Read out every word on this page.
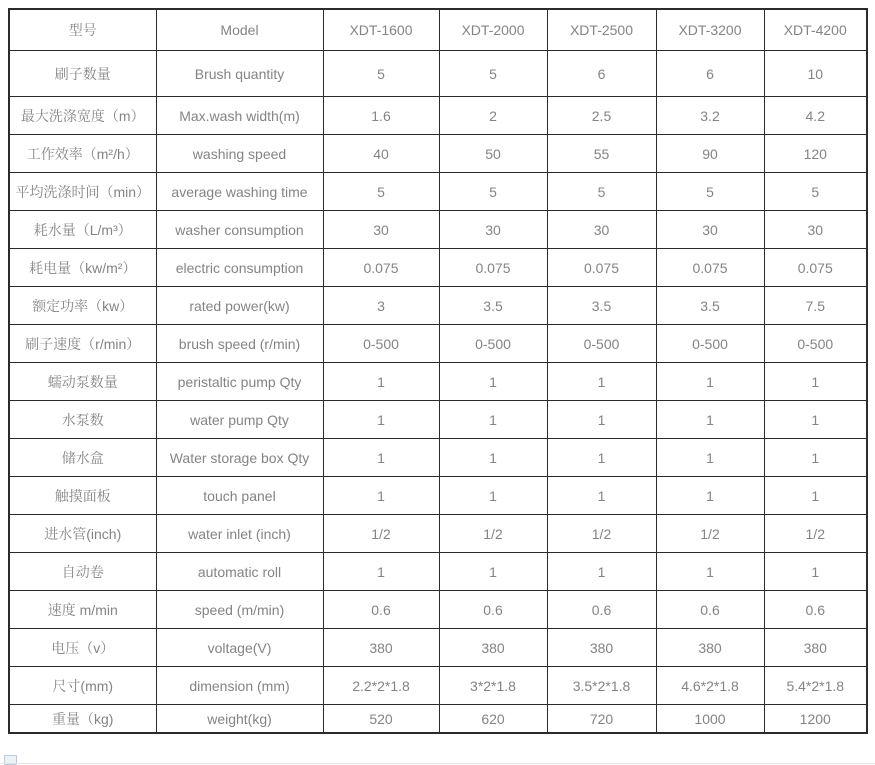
型号	Model	XDT-1600	XDT-2000	XDT-2500	XDT-3200	XDT-4200
刷子数量	Brush quantity	5	5	6	6	10
最大洗涤宽度（m）	Max.wash width(m)	1.6	2	2.5	3.2	4.2
工作效率（m²/h）	washing speed	40	50	55	90	120
平均洗涤时间（min）	average washing time	5	5	5	5	5
耗水量（L/m³）	washer consumption	30	30	30	30	30
耗电量（kw/m²）	electric consumption	0.075	0.075	0.075	0.075	0.075
额定功率（kw）	rated power(kw)	3	3.5	3.5	3.5	7.5
刷子速度（r/min）	brush speed (r/min)	0-500	0-500	0-500	0-500	0-500
蠕动泵数量	peristaltic pump Qty	1	1	1	1	1
水泵数	water pump Qty	1	1	1	1	1
储水盒	Water storage box Qty	1	1	1	1	1
触摸面板	touch panel	1	1	1	1	1
进水管(inch)	water inlet (inch)	1/2	1/2	1/2	1/2	1/2
自动卷	automatic roll	1	1	1	1	1
速度 m/min	speed (m/min)	0.6	0.6	0.6	0.6	0.6
电压（v）	voltage(V)	380	380	380	380	380
尺寸(mm)	dimension (mm)	2.2*2*1.8	3*2*1.8	3.5*2*1.8	4.6*2*1.8	5.4*2*1.8
重量（kg)	weight(kg)	520	620	720	1000	1200
